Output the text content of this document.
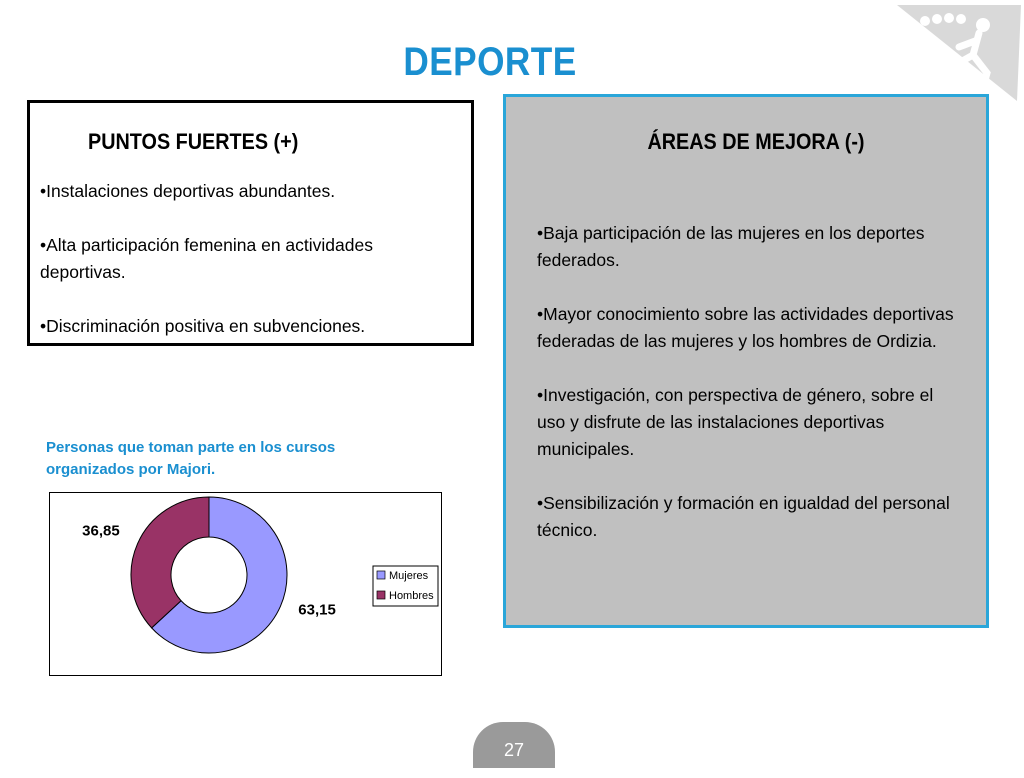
DEPORTE
PUNTOS FUERTES (+)

•Instalaciones deportivas abundantes.

•Alta participación femenina en actividades deportivas.

•Discriminación positiva en subvenciones.

ÁREAS DE MEJORA (-)

•Baja participación de las mujeres en los deportes federados.

•Mayor conocimiento sobre las actividades deportivas federadas de las mujeres y los hombres de Ordizia.

•Investigación, con perspectiva de género, sobre el uso y disfrute de las instalaciones deportivas municipales.

•Sensibilización y formación en igualdad del personal técnico.

Personas que toman parte en los cursos organizados por Majori.
63,15
36,85
Mujeres
Hombres
27
